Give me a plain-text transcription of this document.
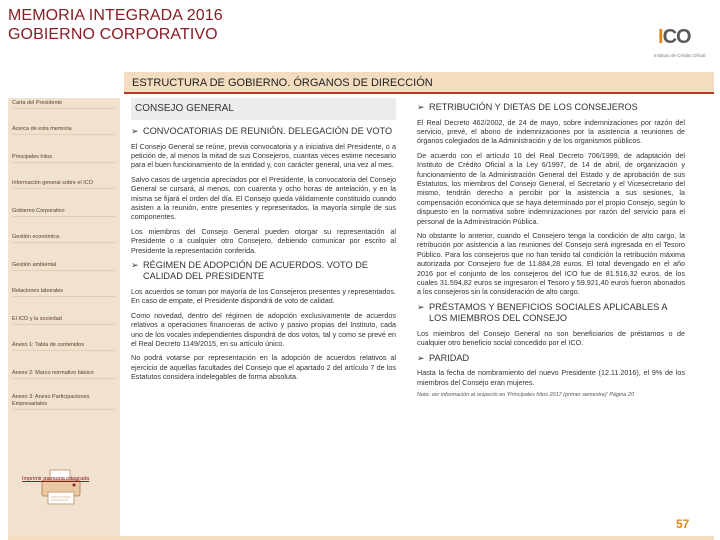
MEMORIA INTEGRADA 2016
GOBIERNO CORPORATIVO	ICO
Instituto de Crédito Oficial
ESTRUCTURA DE GOBIERNO. ÓRGANOS DE DIRECCIÓN
Carta del Presidente
Acerca de esta memoria
Principales hitos
Información general sobre el ICO
Gobierno Corporativo
Gestión económica
Gestión ambiental
Relaciones laborales
El ICO y la sociedad
Anexo 1: Tabla de contenidos
Anexo 2: Marco normativo básico
Anexo 3: Anexo Participaciones Empresariales
Imprimir memoria integrada
CONSEJO GENERAL
➢ CONVOCATORIAS DE REUNIÓN. DELEGACIÓN DE VOTO

El Consejo General se reúne, previa convocatoria y a iniciativa del Presidente, o a petición de, al menos la mitad de sus Consejeros, cuantas veces estime necesario para el buen funcionamiento de la entidad y, con carácter general, una vez al mes.

Salvo casos de urgencia apreciados por el Presidente, la convocatoria del Consejo General se cursará, al menos, con cuarenta y ocho horas de antelación, y en la misma se fijará el orden del día. El Consejo queda válidamente constituido cuando asisten a la reunión, entre presentes y representados, la mayoría simple de sus componentes.

Los miembros del Consejo General pueden otorgar su representación al Presidente o a cualquier otro Consejero, debiendo comunicar por escrito al Presidente la representación conferida.

➢ RÉGIMEN DE ADOPCIÓN DE ACUERDOS. VOTO DE CALIDAD DEL PRESIDENTE

Los acuerdos se toman por mayoría de los Consejeros presentes y representados. En caso de empate, el Presidente dispondrá de voto de calidad.

Como novedad, dentro del régimen de adopción exclusivamente de acuerdos relativos a operaciones financieras de activo y pasivo propias del Instituto, cada uno de los vocales independientes dispondrá de dos votos, tal y como se prevé en el Real Decreto 1149/2015, en su artículo único.

No podrá votarse por representación en la adopción de acuerdos relativos al ejercicio de aquellas facultades del Consejo que el apartado 2 del artículo 7 de los Estatutos considera indelegables de forma absoluta.

➢ RETRIBUCIÓN Y DIETAS DE LOS CONSEJEROS

El Real Decreto 462/2002, de 24 de mayo, sobre indemnizaciones por razón del servicio, prevé, el abono de indemnizaciones por la asistencia a reuniones de órganos colegiados de la Administración y de los organismos públicos.

De acuerdo con el artículo 10 del Real Decreto 706/1999, de adaptación del Instituto de Crédito Oficial a la Ley 6/1997, de 14 de abril, de organización y funcionamiento de la Administración General del Estado y de aprobación de sus Estatutos, los miembros del Consejo General, el Secretario y el Vicesecretario del mismo, tendrán derecho a percibir por la asistencia a sus sesiones, la compensación económica que se haya determinado por el propio Consejo, según lo dispuesto en la normativa sobre indemnizaciones por razón del servicio para el personal de la Administración Pública.

No obstante lo anterior, cuando el Consejero tenga la condición de alto cargo, la retribución por asistencia a las reuniones del Consejo será ingresada en el Tesoro Público. Para los consejeros que no han tenido tal condición la retribución máxima autorizada por Consejero fue de 11.884,28 euros. El total devengado en el año 2016 por el conjunto de los consejeros del ICO fue de 81.516,32 euros, de los cuales 31.594,82 euros se ingresaron el Tesoro y 59.921,40 euros fueron abonados a los consejeros sin la consideración de alto cargo.

➢ PRÉSTAMOS Y BENEFICIOS SOCIALES APLICABLES A LOS MIEMBROS DEL CONSEJO

Los miembros del Consejo General no son beneficiarios de préstamos o de cualquier otro beneficio social concedido por el ICO.

➢ PARIDAD

Hasta la fecha de nombramiento del nuevo Presidente (12.11.2016), el 9% de los miembros del Consejo eran mujeres.

Nota: ver información al respecto en 'Principales hitos 2017 (primer semestre)' Página 20

57
